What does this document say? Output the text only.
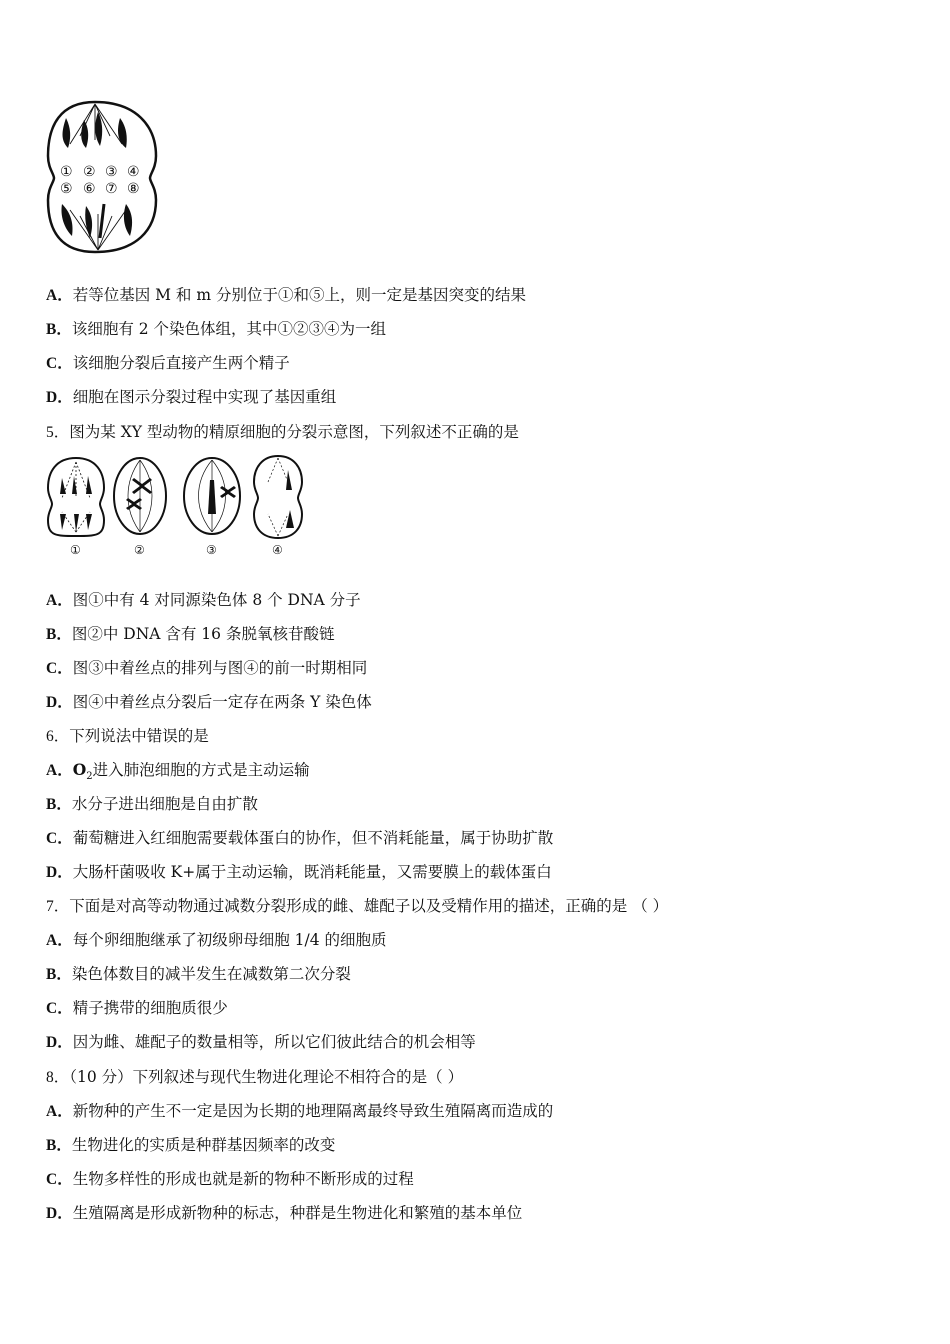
① ② ③ ④
⑤ ⑥ ⑦ ⑧
A．若等位基因 M 和 m 分别位于①和⑤上，则一定是基因突变的结果
B．该细胞有 2 个染色体组，其中①②③④为一组
C．该细胞分裂后直接产生两个精子
D．细胞在图示分裂过程中实现了基因重组
5．图为某 XY 型动物的精原细胞的分裂示意图，下列叙述不正确的是
①	②	③	④
A．图①中有 4 对同源染色体 8 个 DNA 分子
B．图②中 DNA 含有 16 条脱氧核苷酸链
C．图③中着丝点的排列与图④的前一时期相同
D．图④中着丝点分裂后一定存在两条 Y 染色体
6．下列说法中错误的是
A．$O_2$进入肺泡细胞的方式是主动运输
B．水分子进出细胞是自由扩散
C．葡萄糖进入红细胞需要载体蛋白的协作，但不消耗能量，属于协助扩散
D．大肠杆菌吸收 K+属于主动运输，既消耗能量，又需要膜上的载体蛋白
7．下面是对高等动物通过减数分裂形成的雌、雄配子以及受精作用的描述，正确的是 （ ）
A．每个卵细胞继承了初级卵母细胞 1/4 的细胞质
B．染色体数目的减半发生在减数第二次分裂
C．精子携带的细胞质很少
D．因为雌、雄配子的数量相等，所以它们彼此结合的机会相等
8．（10 分）下列叙述与现代生物进化理论不相符合的是（ ）
A．新物种的产生不一定是因为长期的地理隔离最终导致生殖隔离而造成的
B．生物进化的实质是种群基因频率的改变
C．生物多样性的形成也就是新的物种不断形成的过程
D．生殖隔离是形成新物种的标志，种群是生物进化和繁殖的基本单位
